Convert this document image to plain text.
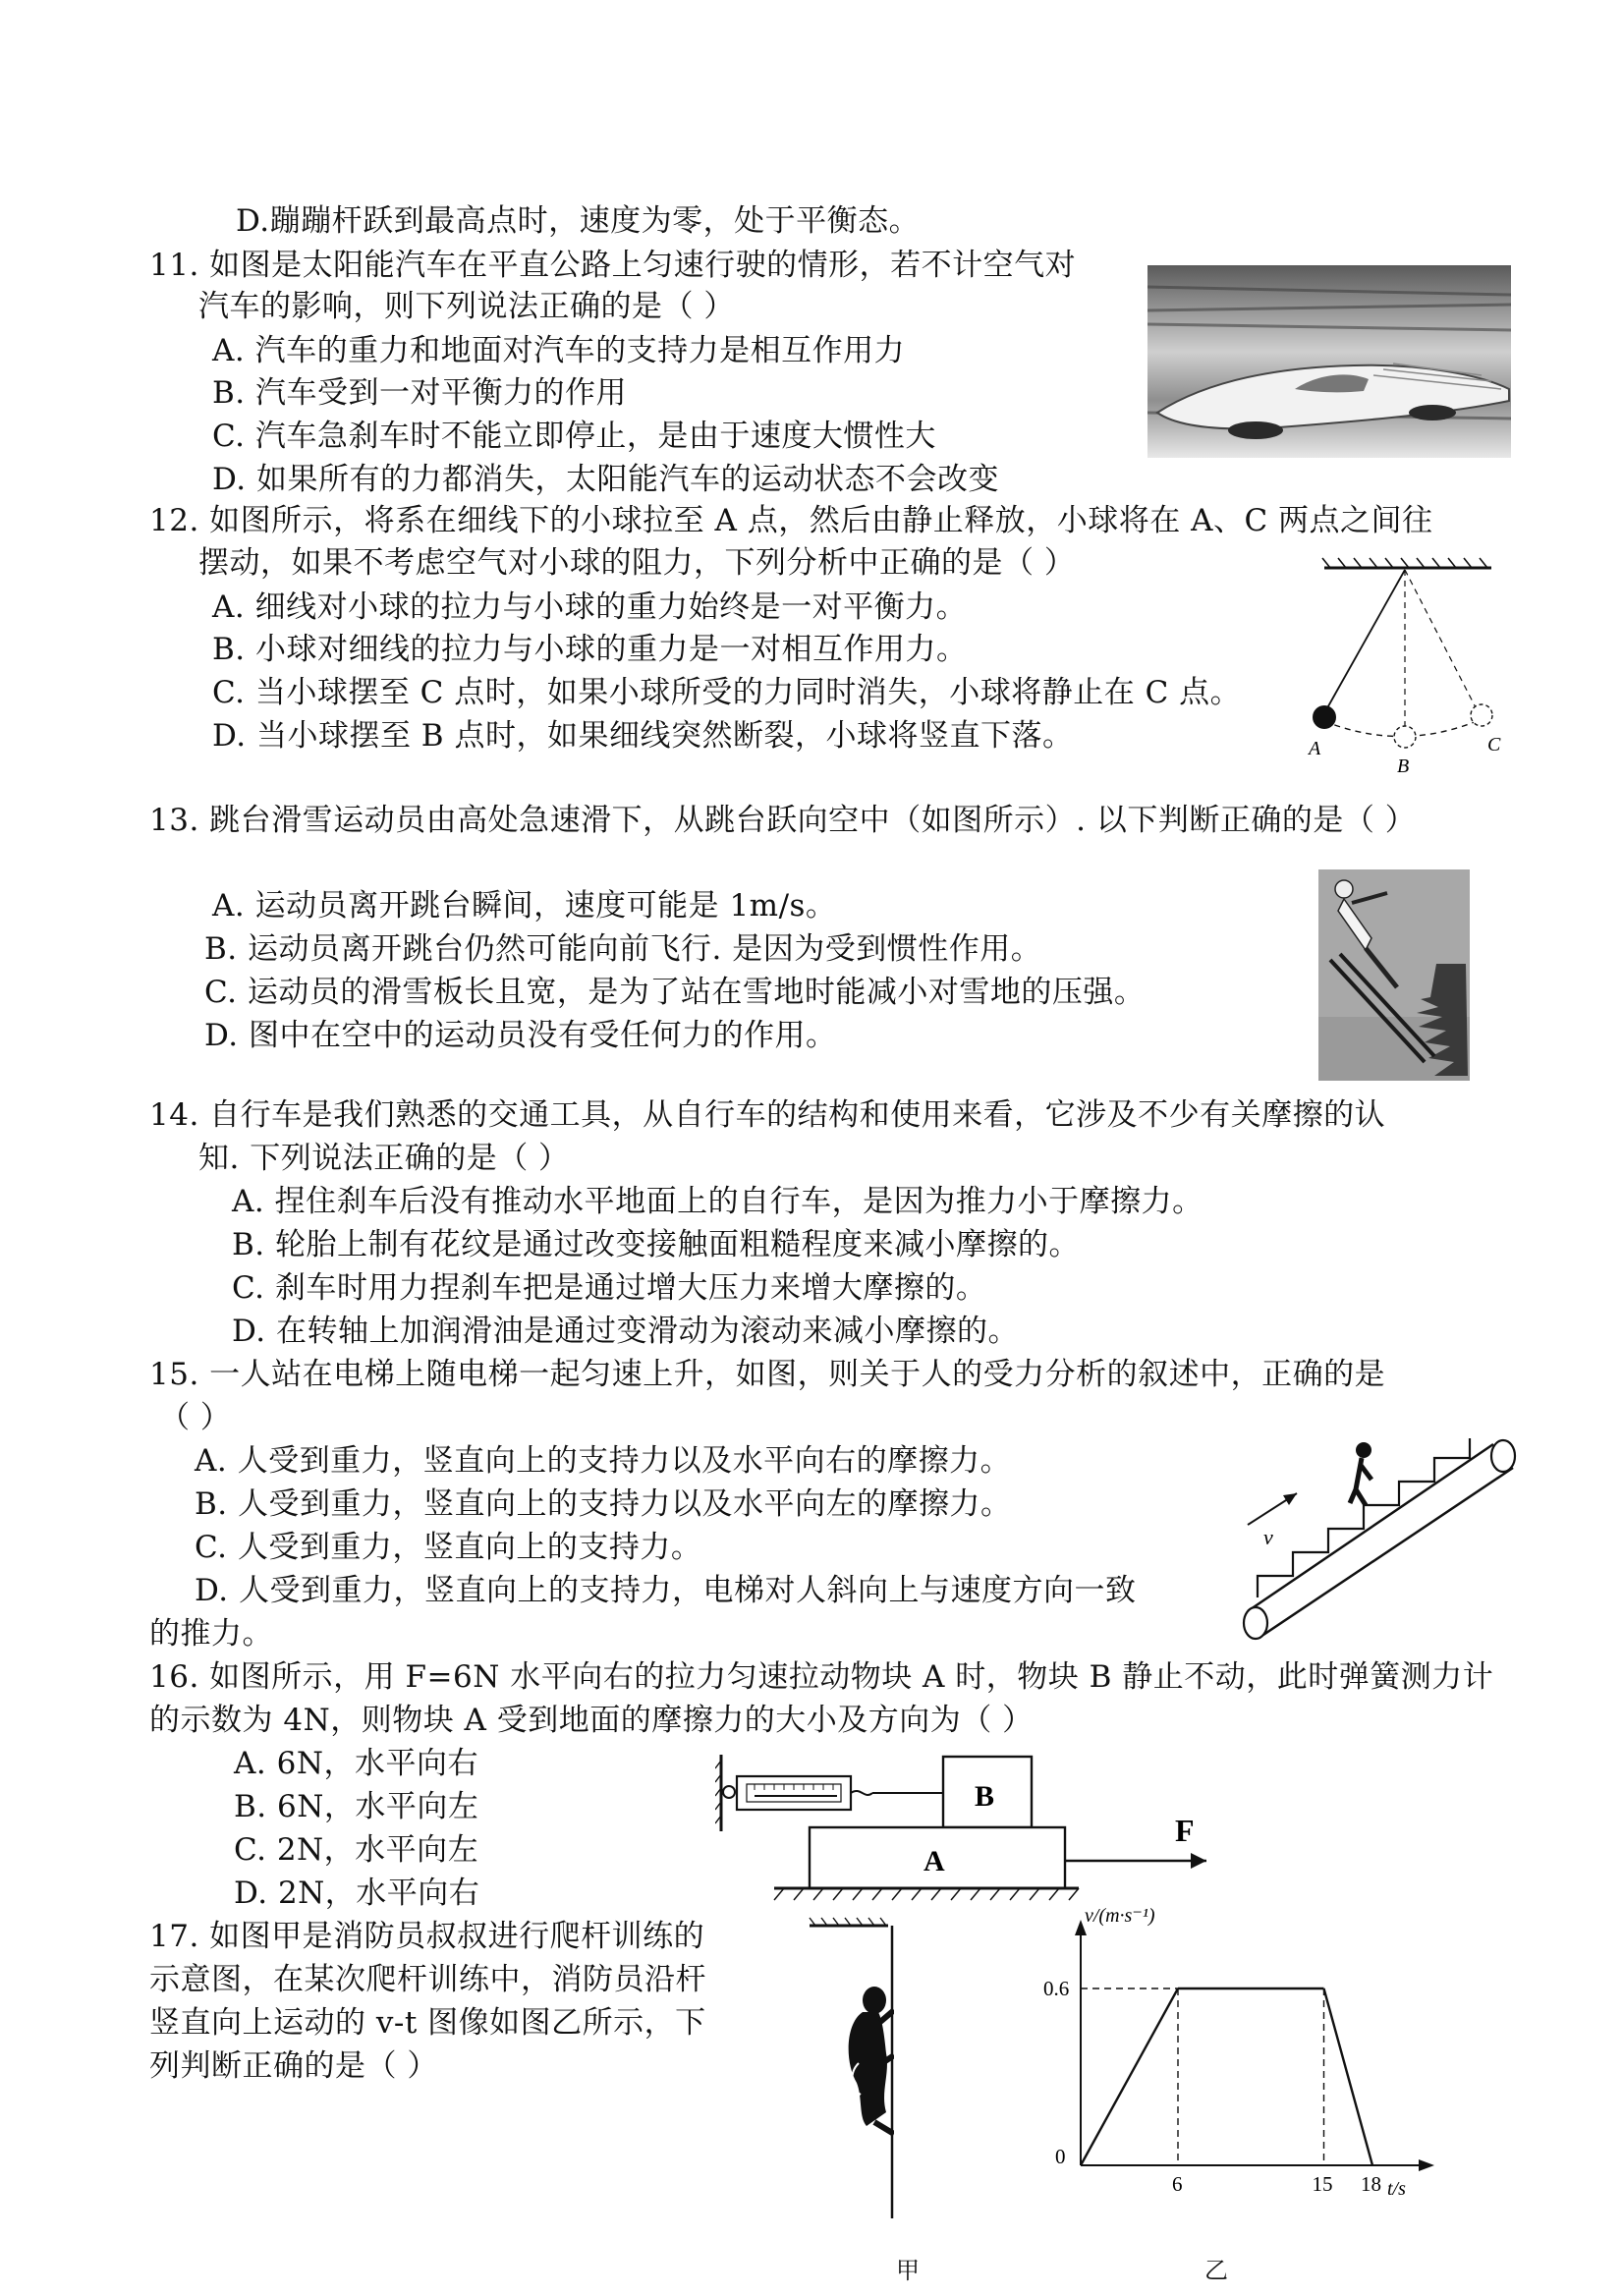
D.蹦蹦杆跃到最高点时，速度为零，处于平衡态。
11. 如图是太阳能汽车在平直公路上匀速行驶的情形，若不计空气对
汽车的影响，则下列说法正确的是（ ）
A. 汽车的重力和地面对汽车的支持力是相互作用力
B. 汽车受到一对平衡力的作用
C. 汽车急刹车时不能立即停止，是由于速度大惯性大
D. 如果所有的力都消失，太阳能汽车的运动状态不会改变
12. 如图所示，将系在细线下的小球拉至 A 点，然后由静止释放，小球将在 A、C 两点之间往
摆动，如果不考虑空气对小球的阻力，下列分析中正确的是（ ）
A. 细线对小球的拉力与小球的重力始终是一对平衡力。
B. 小球对细线的拉力与小球的重力是一对相互作用力。
C. 当小球摆至 C 点时，如果小球所受的力同时消失，小球将静止在 C 点。
D. 当小球摆至 B 点时，如果细线突然断裂，小球将竖直下落。	A
B
C
13. 跳台滑雪运动员由高处急速滑下，从跳台跃向空中（如图所示）. 以下判断正确的是（ ）
A. 运动员离开跳台瞬间，速度可能是 1m/s。
B. 运动员离开跳台仍然可能向前飞行. 是因为受到惯性作用。
C. 运动员的滑雪板长且宽，是为了站在雪地时能减小对雪地的压强。
D. 图中在空中的运动员没有受任何力的作用。
14. 自行车是我们熟悉的交通工具，从自行车的结构和使用来看，它涉及不少有关摩擦的认
知. 下列说法正确的是（ ）
A. 捏住刹车后没有推动水平地面上的自行车，是因为推力小于摩擦力。
B. 轮胎上制有花纹是通过改变接触面粗糙程度来减小摩擦的。
C. 刹车时用力捏刹车把是通过增大压力来增大摩擦的。
D. 在转轴上加润滑油是通过变滑动为滚动来减小摩擦的。
15. 一人站在电梯上随电梯一起匀速上升，如图，则关于人的受力分析的叙述中，正确的是
（ ）
A. 人受到重力，竖直向上的支持力以及水平向右的摩擦力。
B. 人受到重力，竖直向上的支持力以及水平向左的摩擦力。
C. 人受到重力，竖直向上的支持力。
D. 人受到重力，竖直向上的支持力，电梯对人斜向上与速度方向一致
的推力。
v
16. 如图所示，用 F=6N 水平向右的拉力匀速拉动物块 A 时，物块 B 静止不动，此时弹簧测力计
的示数为 4N，则物块 A 受到地面的摩擦力的大小及方向为（ ）
A. 6N，水平向右
B. 6N，水平向左
C. 2N，水平向左
D. 2N，水平向右
B
A
F
17. 如图甲是消防员叔叔进行爬杆训练的
示意图，在某次爬杆训练中，消防员沿杆
竖直向上运动的 v-t 图像如图乙所示，下
列判断正确的是（ ）
甲
v/(m·s⁻¹)
t/s
0
6	15 18
0.6
乙
